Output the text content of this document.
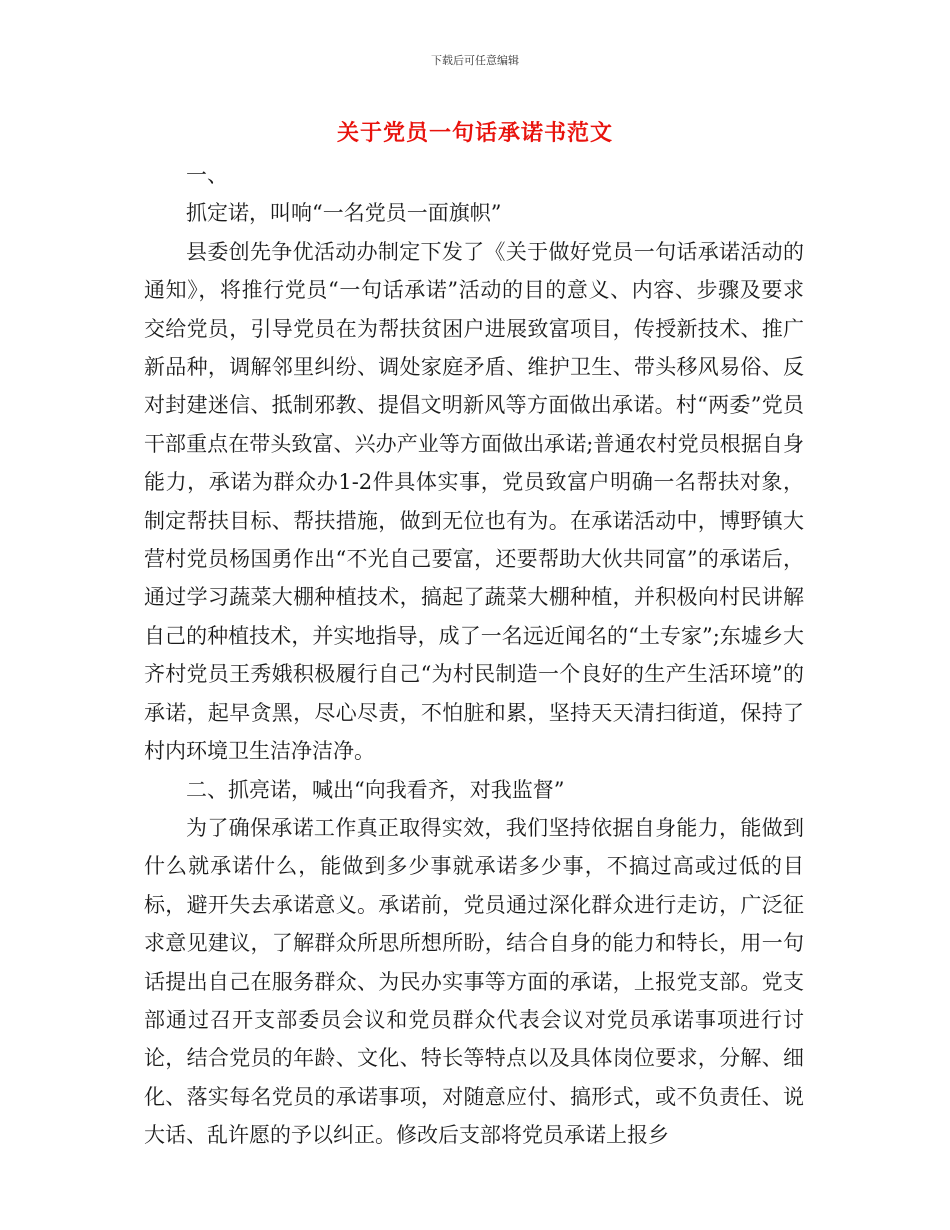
下载后可任意编辑
关于党员一句话承诺书范文

一、

抓定诺，叫响“一名党员一面旗帜”

县委创先争优活动办制定下发了《关于做好党员一句话承诺活动的通知》，将推行党员“一句话承诺”活动的目的意义、内容、步骤及要求交给党员，引导党员在为帮扶贫困户进展致富项目，传授新技术、推广新品种，调解邻里纠纷、调处家庭矛盾、维护卫生、带头移风易俗、反对封建迷信、抵制邪教、提倡文明新风等方面做出承诺。村“两委”党员干部重点在带头致富、兴办产业等方面做出承诺;普通农村党员根据自身能力，承诺为群众办1-2件具体实事，党员致富户明确一名帮扶对象，制定帮扶目标、帮扶措施，做到无位也有为。在承诺活动中，博野镇大营村党员杨国勇作出“不光自己要富，还要帮助大伙共同富”的承诺后，通过学习蔬菜大棚种植技术，搞起了蔬菜大棚种植，并积极向村民讲解自己的种植技术，并实地指导，成了一名远近闻名的“土专家”;东墟乡大齐村党员王秀娥积极履行自己“为村民制造一个良好的生产生活环境”的承诺，起早贪黑，尽心尽责，不怕脏和累，坚持天天清扫街道，保持了村内环境卫生洁净洁净。

二、抓亮诺，喊出“向我看齐，对我监督”

为了确保承诺工作真正取得实效，我们坚持依据自身能力，能做到什么就承诺什么，能做到多少事就承诺多少事，不搞过高或过低的目标，避开失去承诺意义。承诺前，党员通过深化群众进行走访，广泛征求意见建议，了解群众所思所想所盼，结合自身的能力和特长，用一句话提出自己在服务群众、为民办实事等方面的承诺，上报党支部。党支部通过召开支部委员会议和党员群众代表会议对党员承诺事项进行讨论，结合党员的年龄、文化、特长等特点以及具体岗位要求，分解、细化、落实每名党员的承诺事项，对随意应付、搞形式，或不负责任、说大话、乱许愿的予以纠正。修改后支部将党员承诺上报乡
